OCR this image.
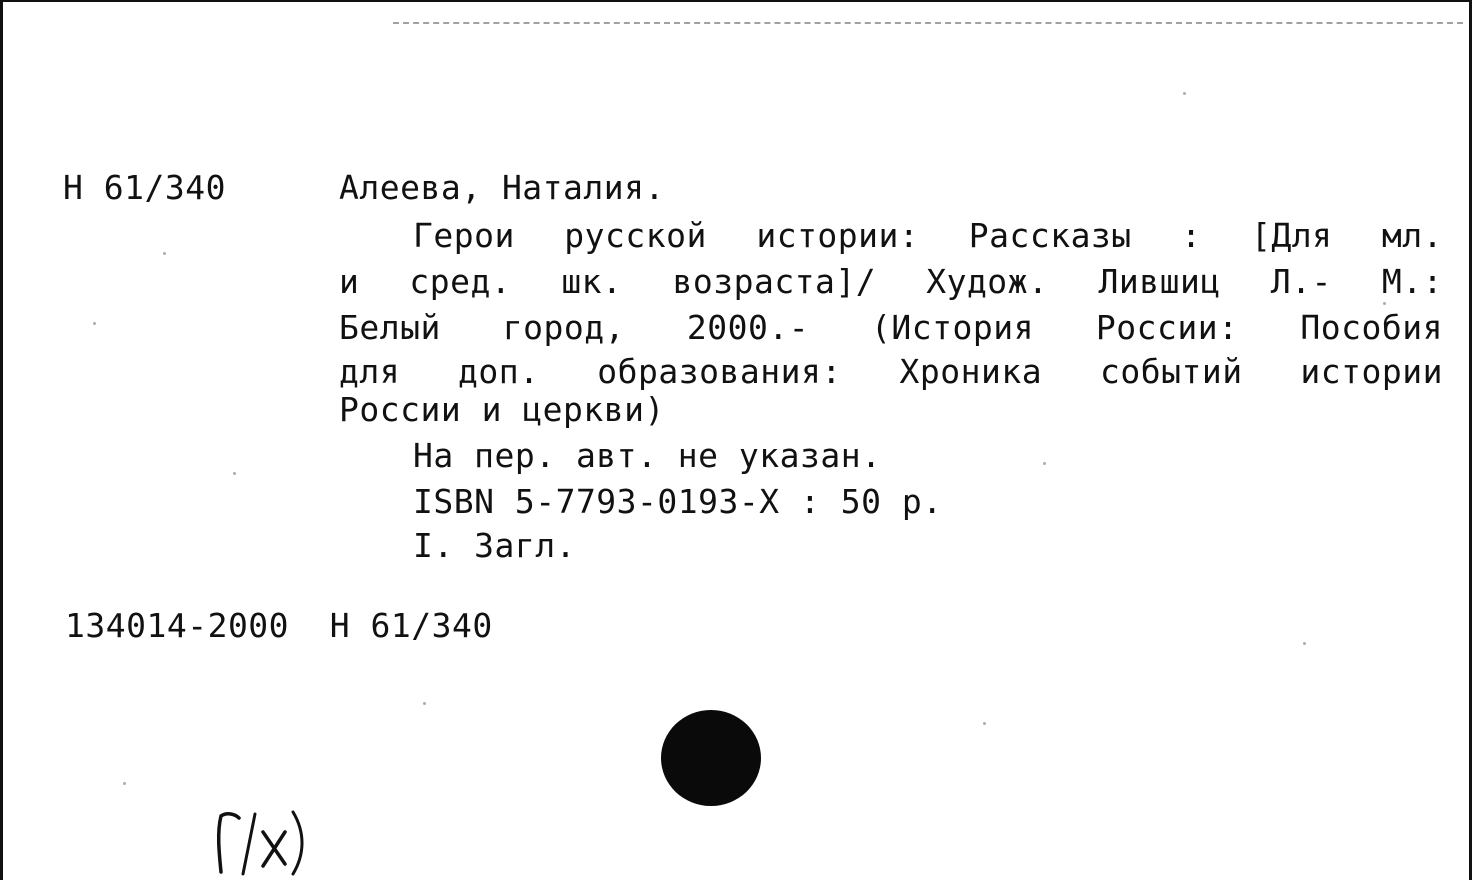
Н 61/340	Алеева, Наталия.
Герои русской истории: Рассказы : [Для мл.
и сред. шк. возраста]/ Худож. Лившиц Л.- М.:
Белый город, 2000.- (История России: Пособия
для доп. образования: Хроника событий истории
России и церкви)
На пер. авт. не указан.
ISBN 5-7793-0193-X : 50 р.
I. Загл.
134014-2000  Н 61/340
